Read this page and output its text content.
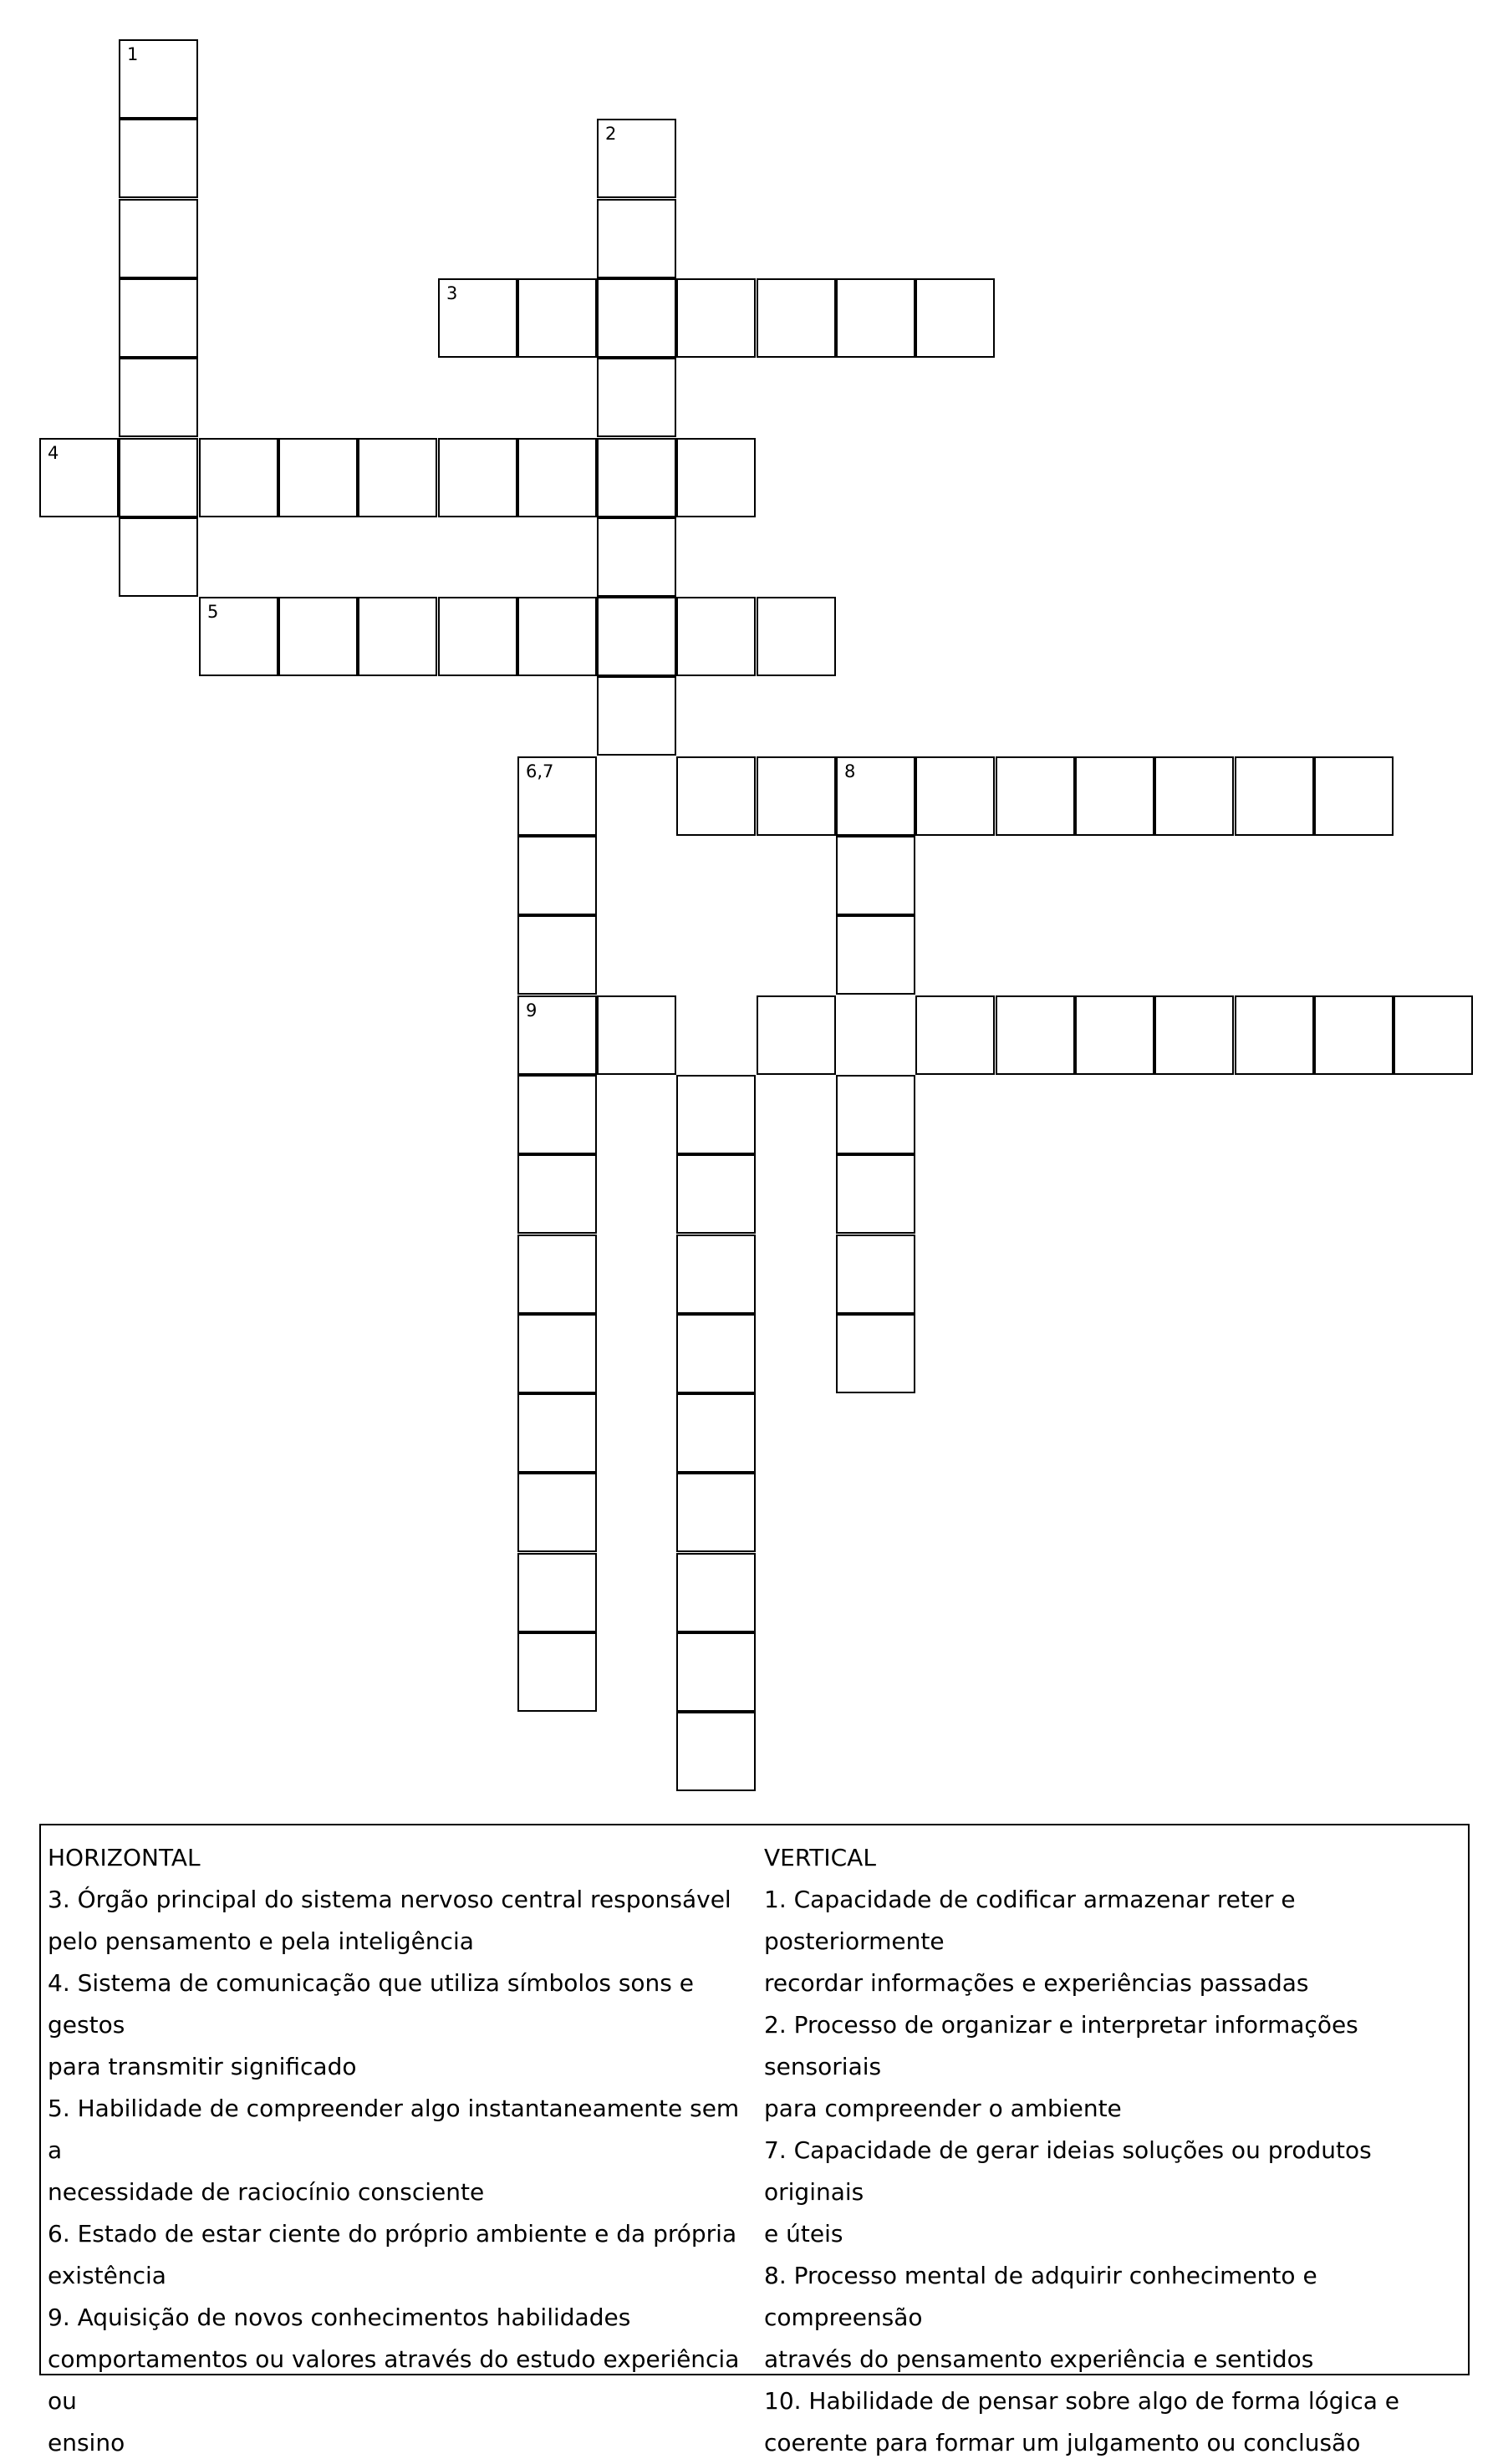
1
2
3
4
5
6,7	8
9
HORIZONTAL
3. Órgão principal do sistema nervoso central responsável
pelo pensamento e pela inteligência
4. Sistema de comunicação que utiliza símbolos sons e gestos
para transmitir significado
5. Habilidade de compreender algo instantaneamente sem a
necessidade de raciocínio consciente
6. Estado de estar ciente do próprio ambiente e da própria
existência
9. Aquisição de novos conhecimentos habilidades
comportamentos ou valores através do estudo experiência ou
ensino
VERTICAL
1. Capacidade de codificar armazenar reter e posteriormente
recordar informações e experiências passadas
2. Processo de organizar e interpretar informações sensoriais
para compreender o ambiente
7. Capacidade de gerar ideias soluções ou produtos originais
e úteis
8. Processo mental de adquirir conhecimento e compreensão
através do pensamento experiência e sentidos
10. Habilidade de pensar sobre algo de forma lógica e
coerente para formar um julgamento ou conclusão
